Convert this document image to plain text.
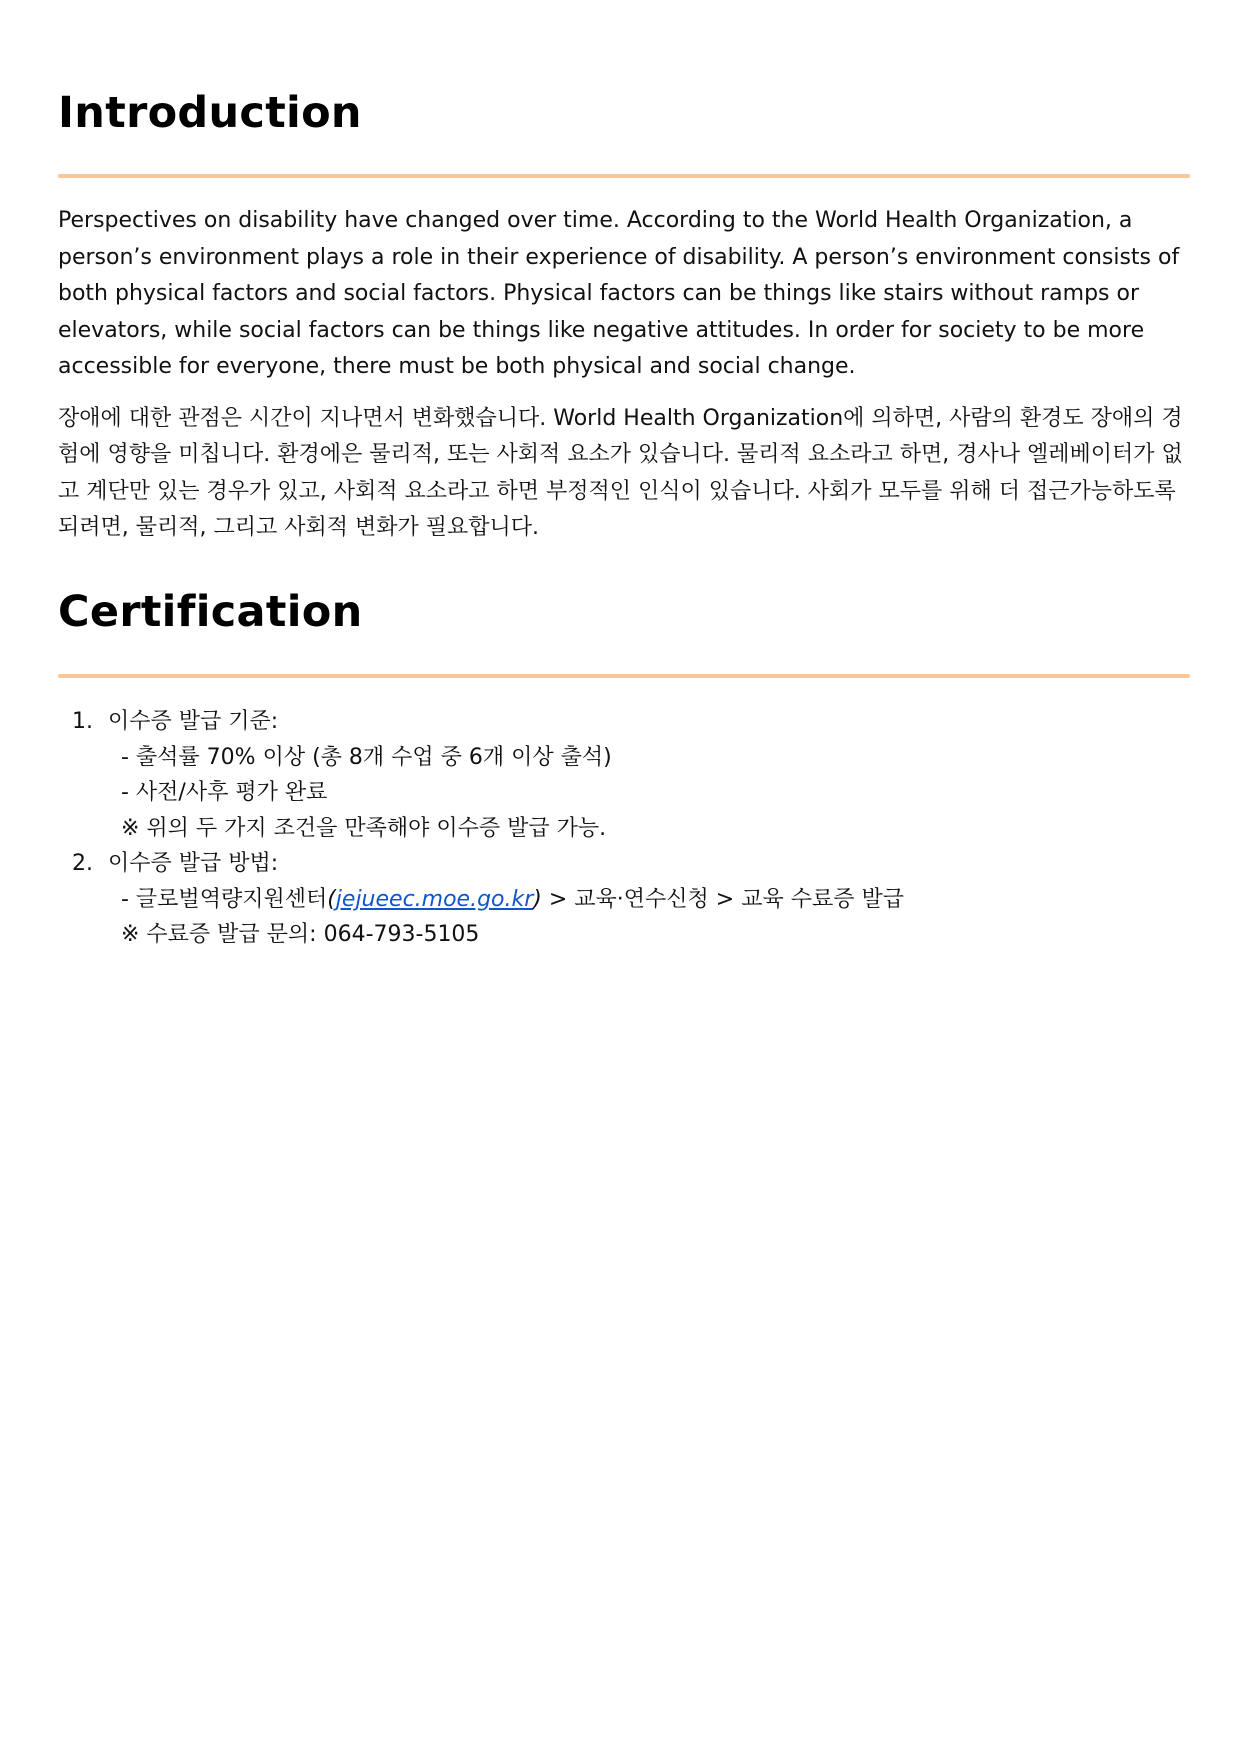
Introduction

Perspectives on disability have changed over time. According to the World Health Organization, a person’s environment plays a role in their experience of disability. A person’s environment consists of both physical factors and social factors. Physical factors can be things like stairs without ramps or elevators, while social factors can be things like negative attitudes. In order for society to be more accessible for everyone, there must be both physical and social change.

장애에 대한 관점은 시간이 지나면서 변화했습니다. World Health Organization에 의하면, 사람의 환경도 장애의 경험에 영향을 미칩니다. 환경에은 물리적, 또는 사회적 요소가 있습니다. 물리적 요소라고 하면, 경사나 엘레베이터가 없고 계단만 있는 경우가 있고, 사회적 요소라고 하면 부정적인 인식이 있습니다. 사회가 모두를 위해 더 접근가능하도록 되려면, 물리적, 그리고 사회적 변화가 필요합니다.

Certification
1. 이수증 발급 기준:
- 출석률 70% 이상 (총 8개 수업 중 6개 이상 출석)
- 사전/사후 평가 완료
※ 위의 두 가지 조건을 만족해야 이수증 발급 가능.
2. 이수증 발급 방법:
- 글로벌역량지원센터(jejueec.moe.go.kr) > 교육·연수신청 > 교육 수료증 발급
※ 수료증 발급 문의: 064-793-5105
